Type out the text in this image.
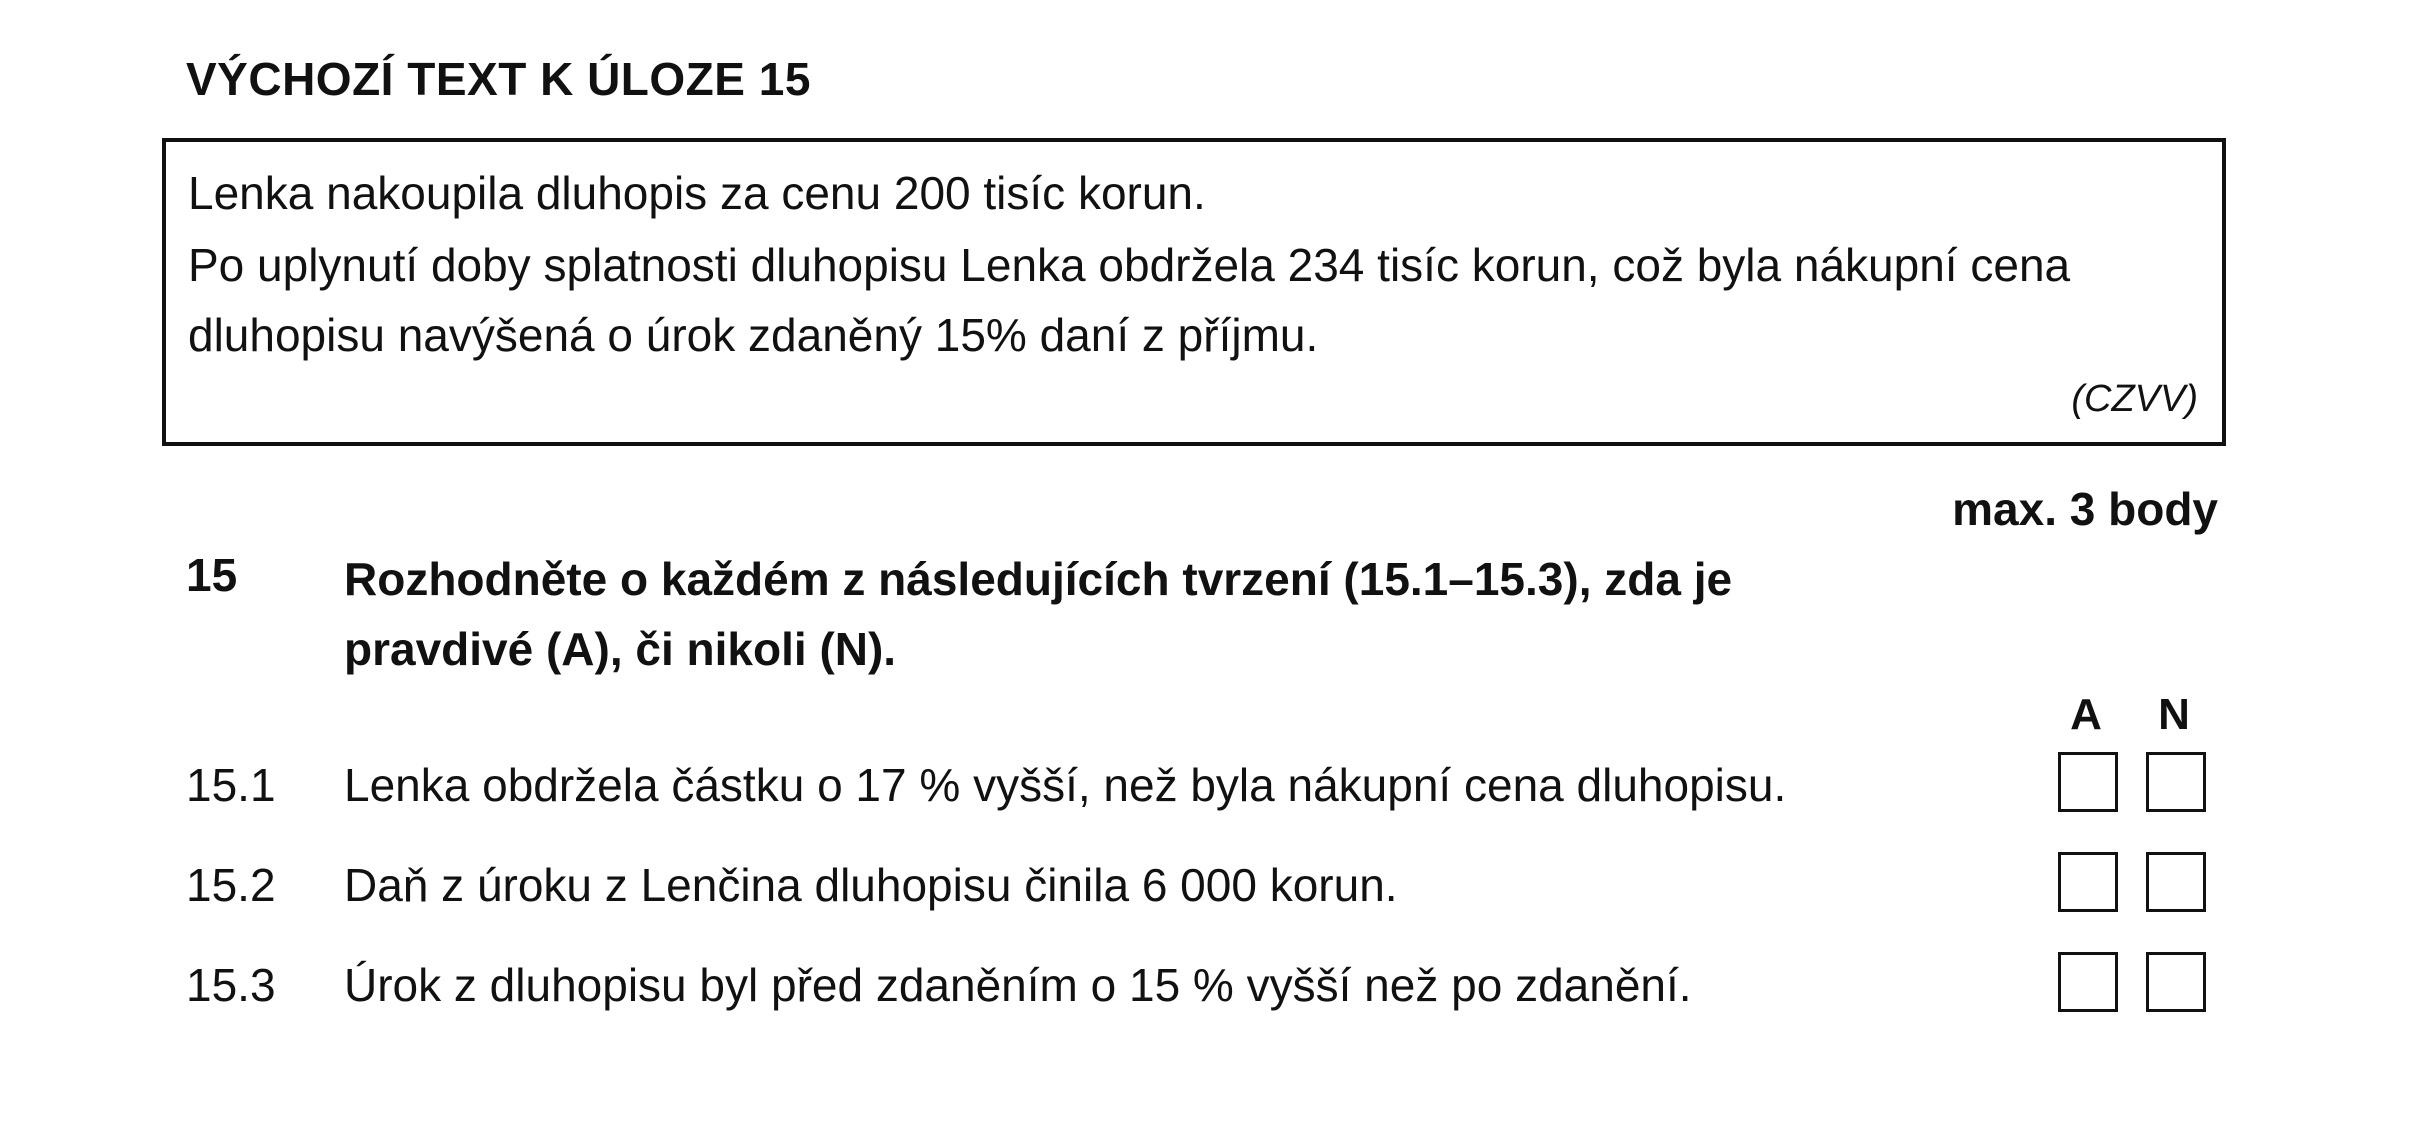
VÝCHOZÍ TEXT K ÚLOZE 15
Lenka nakoupila dluhopis za cenu 200 tisíc korun.
Po uplynutí doby splatnosti dluhopisu Lenka obdržela 234 tisíc korun, což byla nákupní cena
dluhopisu navýšená o úrok zdaněný 15% daní z příjmu.
(CZVV)
max. 3 body
15 Rozhodněte o každém z následujících tvrzení (15.1–15.3), zda je
pravdivé (A), či nikoli (N).
A	N
15.1 Lenka obdržela částku o 17 % vyšší, než byla nákupní cena dluhopisu.
15.2 Daň z úroku z Lenčina dluhopisu činila 6 000 korun.
15.3 Úrok z dluhopisu byl před zdaněním o 15 % vyšší než po zdanění.
